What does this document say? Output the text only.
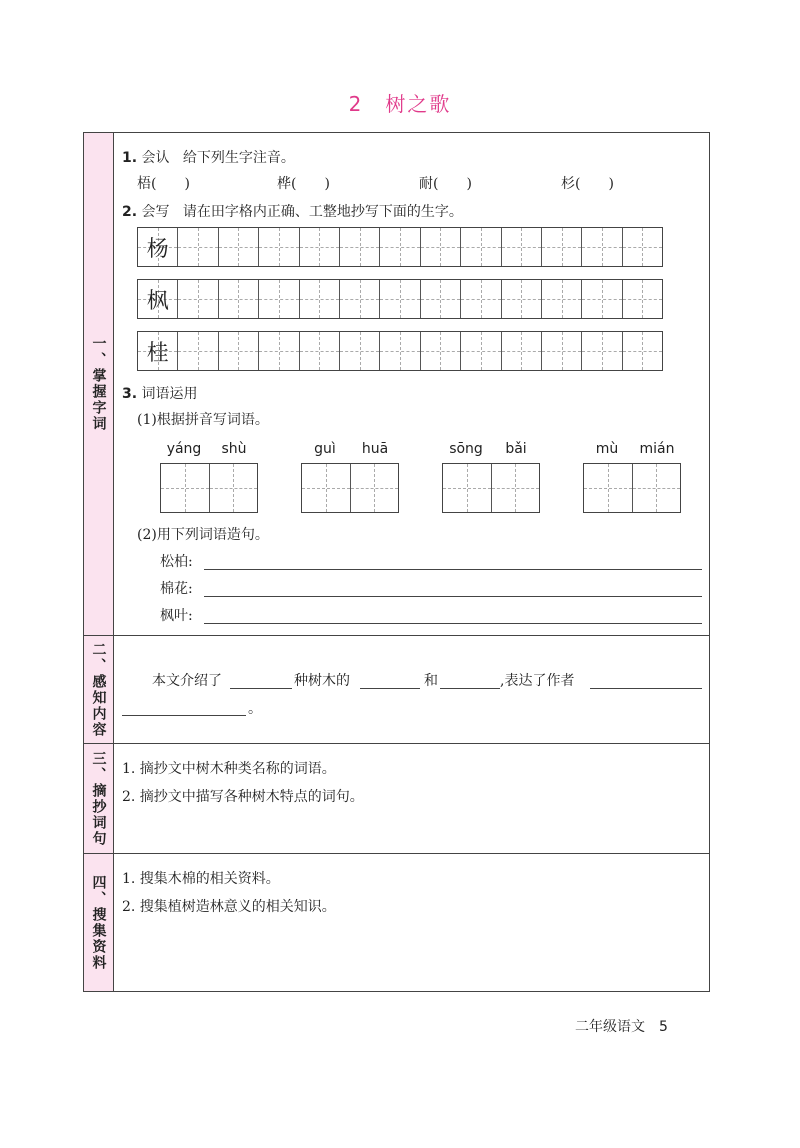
2 树之歌
一、掌握字词
1. 会认 给下列生字注音。
梧(　　)	桦(　　)	耐(　　)	杉(　　)
2. 会写 请在田字格内正确、工整地抄写下面的生字。
杨
枫
桂
3. 词语运用
(1)根据拼音写词语。
yáng	shù	guì	huā	sōng	bǎi	mù	mián
(2)用下列词语造句。
松柏:
棉花:
枫叶:
二、感知内容	本文介绍了	种树木的	和	,表达了作者
。
三、摘抄词句 1. 摘抄文中树木种类名称的词语。
2. 摘抄文中描写各种树木特点的词句。
四、搜集资料 1. 搜集木棉的相关资料。
2. 搜集植树造林意义的相关知识。
二年级语文 5
